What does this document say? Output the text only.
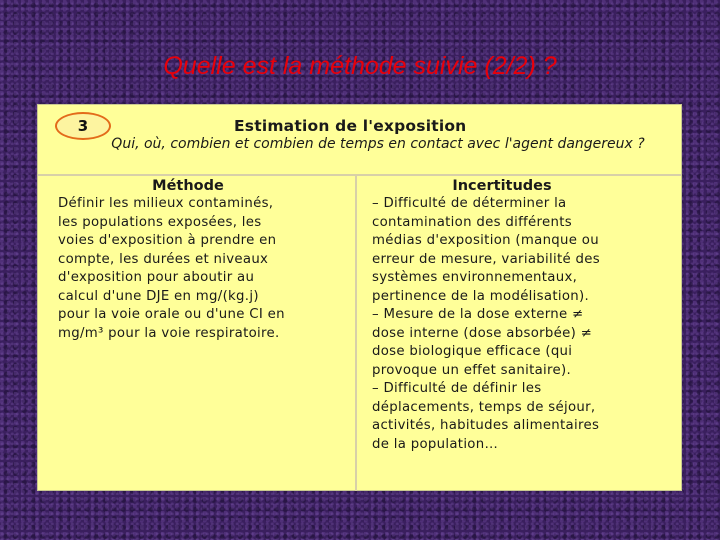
Quelle est la méthode suivie (2/2) ?
3	Estimation de l'exposition
Qui, où, combien et combien de temps en contact avec l'agent dangereux ?
Méthode

Définir les milieux contaminés,
les populations exposées, les
voies d'exposition à prendre en
compte, les durées et niveaux
d'exposition pour aboutir au
calcul d'une DJE en mg/(kg.j)
pour la voie orale ou d'une CI en
mg/m³ pour la voie respiratoire.

Incertitudes

– Difficulté de déterminer la
contamination des différents
médias d'exposition (manque ou
erreur de mesure, variabilité des
systèmes environnementaux,
pertinence de la modélisation).
– Mesure de la dose externe ≠
dose interne (dose absorbée) ≠
dose biologique efficace (qui
provoque un effet sanitaire).
– Difficulté de définir les
déplacements, temps de séjour,
activités, habitudes alimentaires
de la population…
